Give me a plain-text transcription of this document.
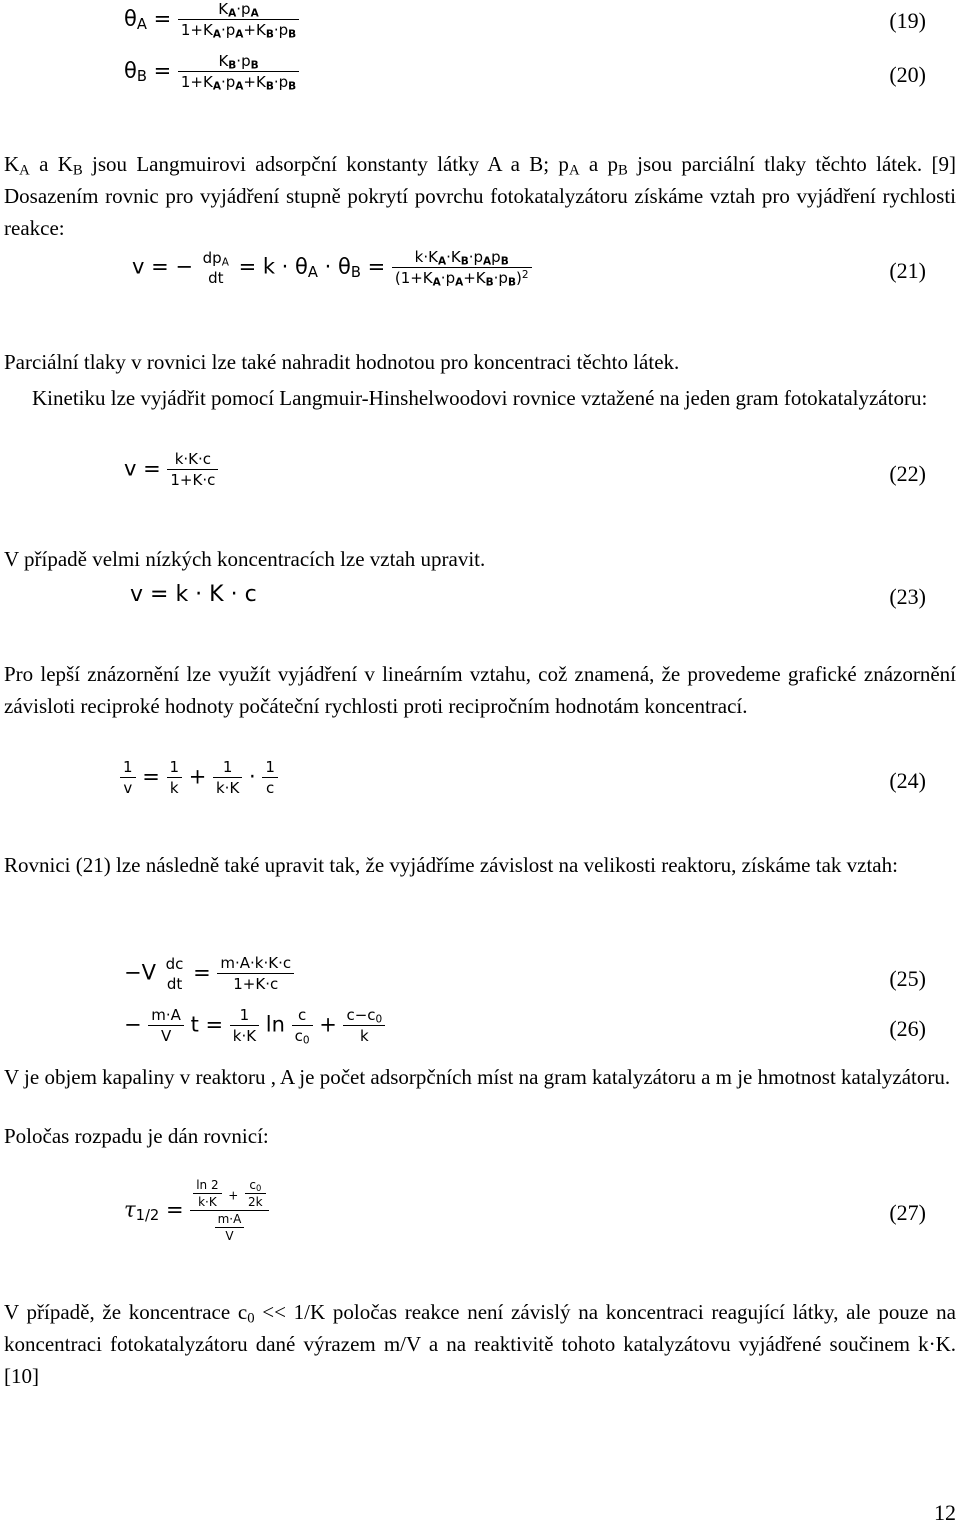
$\theta_A = \frac{K_A\cdot p_A}{1+K_A\cdot p_A+K_B\cdot p_B}$	(19)
$\theta_B = \frac{K_B\cdot p_B}{1+K_A\cdot p_A+K_B\cdot p_B}$	(20)
$K_A$ a $K_B$ jsou Langmuirovi adsorpční konstanty látky A a B; $p_A$ a $p_B$ jsou parciální tlaky těchto látek. [9] Dosazením rovnic pro vyjádření stupně pokrytí povrchu fotokatalyzátoru získáme vztah pro vyjádření rychlosti reakce:
v = − $dp_A$
dt = $k \cdot \theta_A \cdot \theta_B = \frac{k\cdot K_A\cdot K_B\cdot p_Ap_B}{(1+K_A\cdot p_A+K_B\cdot p_B)^2}$	(21)
Parciální tlaky v rovnici lze také nahradit hodnotou pro koncentraci těchto látek.
Kinetiku lze vyjádřit pomocí Langmuir-Hinshelwoodovi rovnice vztažené na jeden gram fotokatalyzátoru:
$v = \frac{k\cdot K\cdot c}{1+K\cdot c}$	(22)
V případě velmi nízkých koncentracích lze vztah upravit.
v = k · K · c	(23)
Pro lepší znázornění lze využít vyjádření v lineárním vztahu, což znamená, že provedeme grafické znázornění závisloti reciproké hodnoty počáteční rychlosti proti recipročním hodnotám koncentrací.
$\frac{1}{v} = \frac{1}{k} + \frac{1}{k\cdot K} \cdot \frac{1}{c}$	(24)
Rovnici (21) lze následně také upravit tak, že vyjádříme závislost na velikosti reaktoru, získáme tak vztah:
−V dc
dt = $\frac{m\cdot A\cdot k\cdot K\cdot c}{1+K\cdot c}$	(25)
− $\frac{m\cdot A}{V}$ $t = \frac{1}{k\cdot K}$ $\ln \frac{c}{c_0} + \frac{c-c_0}{k}$	(26)
V je objem kapaliny v reaktoru , A je počet adsorpčních míst na gram katalyzátoru a m je hmotnost katalyzátoru.
Poločas rozpadu je dán rovnicí:
$\tau_{1/2} = \frac{\frac{\ln 2}{k\cdot K} + \frac{c_0}{2k}}{\frac{m\cdot A}{V}}$	(27)
V případě, že koncentrace $c_0 << 1/K$ poločas reakce není závislý na koncentraci reagující látky, ale pouze na koncentraci fotokatalyzátoru dané výrazem m/V a na reaktivitě tohoto katalyzátovu vyjádřené součinem k·K. [10]
12
